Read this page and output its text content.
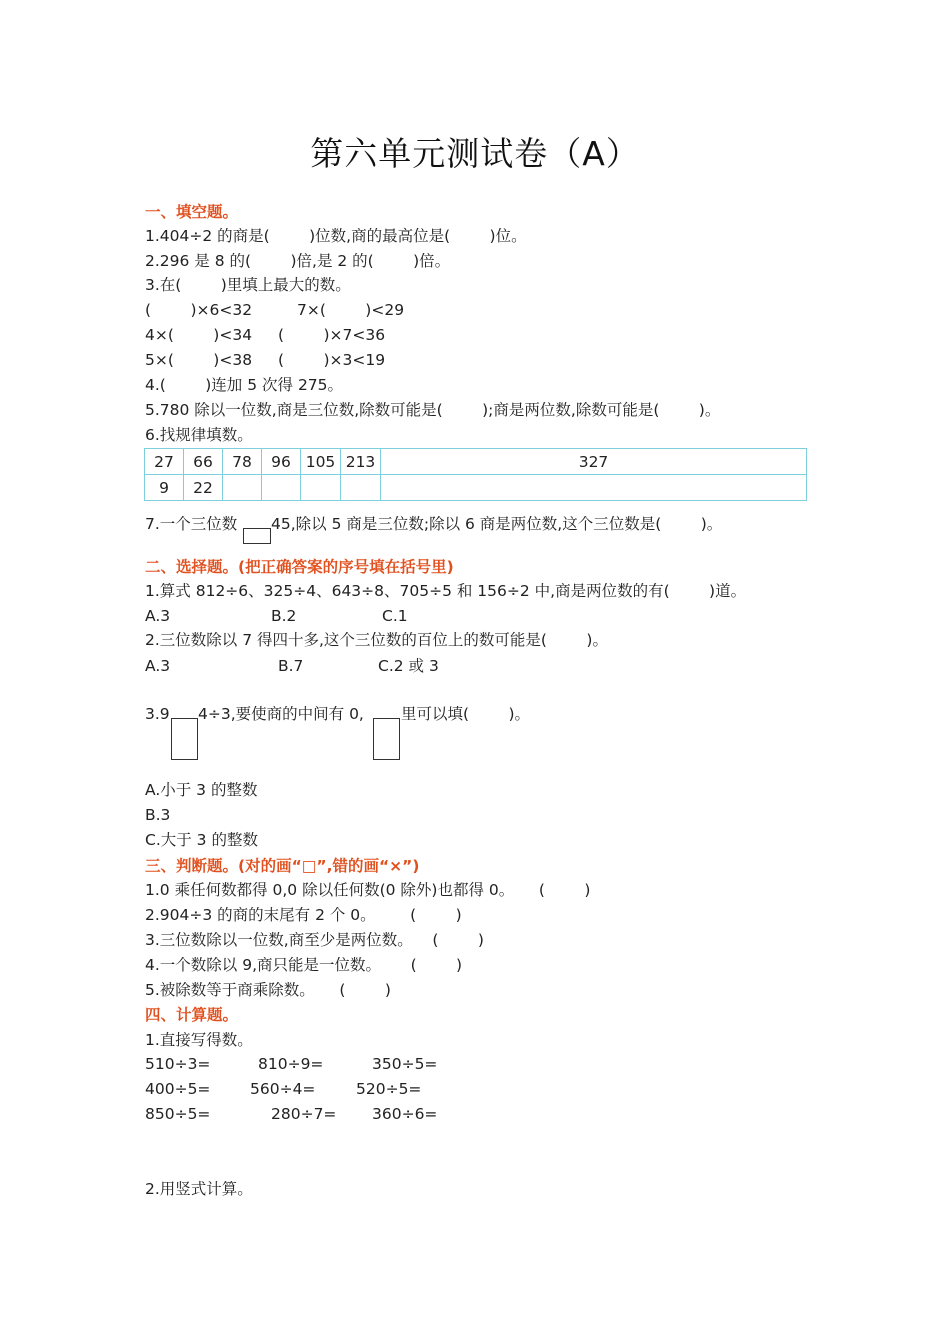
第六单元测试卷（A）
一、填空题。
1.404÷2 的商是(        )位数,商的最高位是(        )位。
2.296 是 8 的(        )倍,是 2 的(        )倍。
3.在(        )里填上最大的数。
(        )×6<32	7×(        )<29
4×(        )<34 (        )×7<36
5×(        )<38 (        )×3<19
4.(        )连加 5 次得 275。
5.780 除以一位数,商是三位数,除数可能是(        );商是两位数,除数可能是(        )。
6.找规律填数。
27	66	78	96	105	213	327
9	22					
7.一个三位数 45,除以 5 商是三位数;除以 6 商是两位数,这个三位数是(        )。
二、选择题。(把正确答案的序号填在括号里)
1.算式 812÷6、325÷4、643÷8、705÷5 和 156÷2 中,商是两位数的有(        )道。
A.3	B.2	C.1
2.三位数除以 7 得四十多,这个三位数的百位上的数可能是(        )。
A.3	B.7	C.2 或 3
3.9 4÷3,要使商的中间有 0, 里可以填(        )。
A.小于 3 的整数
B.3
C.大于 3 的整数
三、判断题。(对的画“□”,错的画“×”)
1.0 乘任何数都得 0,0 除以任何数(0 除外)也都得 0。     (        )
2.904÷3 的商的末尾有 2 个 0。       (        )
3.三位数除以一位数,商至少是两位数。    (        )
4.一个数除以 9,商只能是一位数。      (        )
5.被除数等于商乘除数。     (        )
四、计算题。
1.直接写得数。
510÷3=	810÷9=	350÷5=
400÷5=	560÷4=	520÷5=
850÷5=	280÷7= 360÷6=
2.用竖式计算。
